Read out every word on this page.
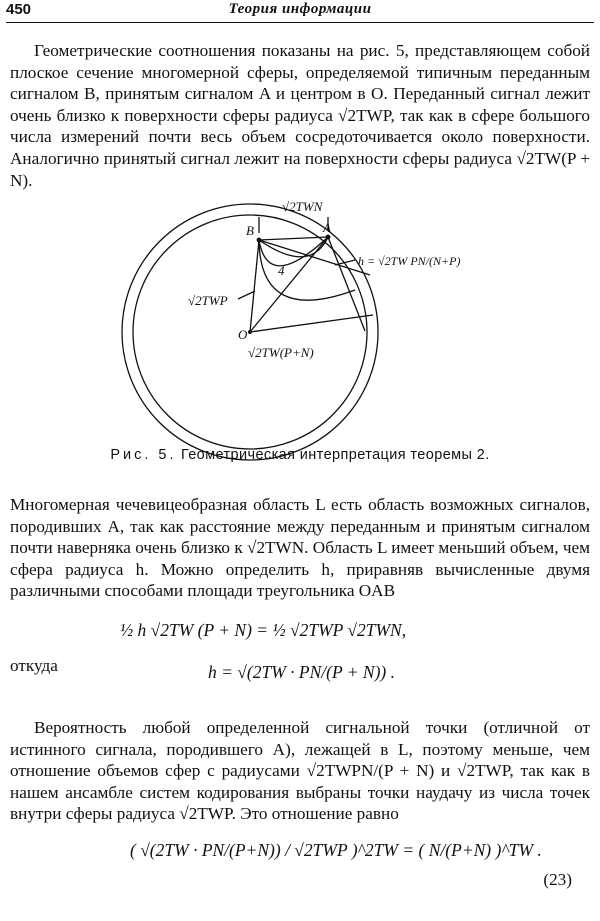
450	Теория информации

Геометрические соотношения показаны на рис. 5, представляющем собой плоское сечение многомерной сферы, определяемой типичным переданным сигналом B, принятым сигналом A и центром в O. Переданный сигнал лежит очень близко к поверхности сферы радиуса √2TWP, так как в сфере большого числа измерений почти весь объем сосредоточивается около поверхности. Аналогично принятый сигнал лежит на поверхности сферы радиуса √2TW(P + N).

√2TWN
B	A
O
4
√2TWP
√2TW(P+N)
h = √2TW PN/(N+P)
Рис. 5. Геометрическая интерпретация теоремы 2.

Многомерная чечевицеобразная область L есть область возможных сигналов, породивших A, так как расстояние между переданным и принятым сигналом почти наверняка очень близко к √2TWN. Область L имеет меньший объем, чем сфера радиуса h. Можно определить h, приравняв вычисленные двумя различными способами площади треугольника OAB

½ h √2TW (P + N) = ½ √2TWP √2TWN,
откуда	h = √(2TW · PN/(P + N)) .

Вероятность любой определенной сигнальной точки (отличной от истинного сигнала, породившего A), лежащей в L, поэтому меньше, чем отношение объемов сфер с радиусами √2TWPN/(P + N) и √2TWP, так как в нашем ансамбле систем кодирования выбраны точки наудачу из числа точек внутри сферы радиуса √2TWP. Это отношение равно

( √(2TW · PN/(P+N)) / √2TWP )^2TW = ( N/(P+N) )^TW .
(23)
